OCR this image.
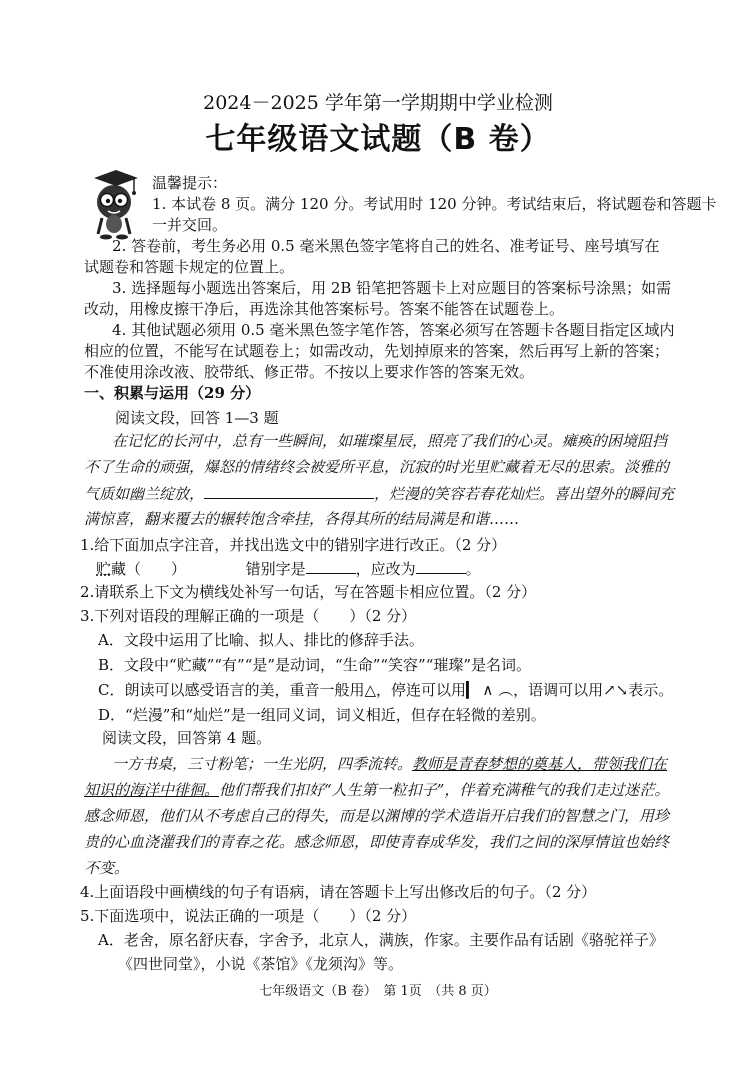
2024－2025 学年第一学期期中学业检测
七年级语文试题（B 卷）
温馨提示：
1. 本试卷 8 页。满分 120 分。考试用时 120 分钟。考试结束后，将试题卷和答题卡
一并交回。
2. 答卷前，考生务必用 0.5 毫米黑色签字笔将自己的姓名、准考证号、座号填写在
试题卷和答题卡规定的位置上。
3. 选择题每小题选出答案后，用 2B 铅笔把答题卡上对应题目的答案标号涂黑；如需
改动，用橡皮擦干净后，再选涂其他答案标号。答案不能答在试题卷上。
4. 其他试题必须用 0.5 毫米黑色签字笔作答，答案必须写在答题卡各题目指定区域内
相应的位置，不能写在试题卷上；如需改动，先划掉原来的答案，然后再写上新的答案；
不准使用涂改液、胶带纸、修正带。不按以上要求作答的答案无效。
一、积累与运用（29 分）
阅读文段，回答 1—3 题
在记忆的长河中，总有一些瞬间，如璀璨星辰，照亮了我们的心灵。瘫痪的困境阻挡
不了生命的顽强，爆怒的情绪终会被爱所平息，沉寂的时光里贮藏着无尽的思索。淡雅的
气质如幽兰绽放，	，烂漫的笑容若春花灿烂。喜出望外的瞬间充
满惊喜，翻来覆去的辗转饱含牵挂，各得其所的结局满是和谐……
1.给下面加点字注音，并找出选文中的错别字进行改正。（2 分）
贮藏（　　）	错别字是	，应改为	。
2.请联系上下文为横线处补写一句话，写在答题卡相应位置。（2 分）
3.下列对语段的理解正确的一项是（　　）（2 分）
A．文段中运用了比喻、拟人、排比的修辞手法。
B．文段中“贮藏”“有”“是”是动词，“生命”“笑容”“璀璨”是名词。
C．朗读可以感受语言的美，重音一般用△，停连可以用▎ ∧ ︵，语调可以用↗↘表示。
D．“烂漫”和“灿烂”是一组同义词，词义相近，但存在轻微的差别。
阅读文段，回答第 4 题。
一方书桌，三寸粉笔；一生光阴，四季流转。教师是青春梦想的奠基人，带领我们在
知识的海洋中徘徊。他们帮我们扣好“人生第一粒扣子”，伴着充满稚气的我们走过迷茫。
感念师恩，他们从不考虑自己的得失，而是以渊博的学术造诣开启我们的智慧之门，用珍
贵的心血浇灌我们的青春之花。感念师恩，即使青春成华发，我们之间的深厚情谊也始终
不变。
4.上面语段中画横线的句子有语病，请在答题卡上写出修改后的句子。（2 分）
5.下面选项中，说法正确的一项是（　　）（2 分）
A．老舍，原名舒庆春，字舍予，北京人，满族，作家。主要作品有话剧《骆驼祥子》
《四世同堂》，小说《茶馆》《龙须沟》等。
七年级语文（B 卷）　第 1页　（共 8 页）
